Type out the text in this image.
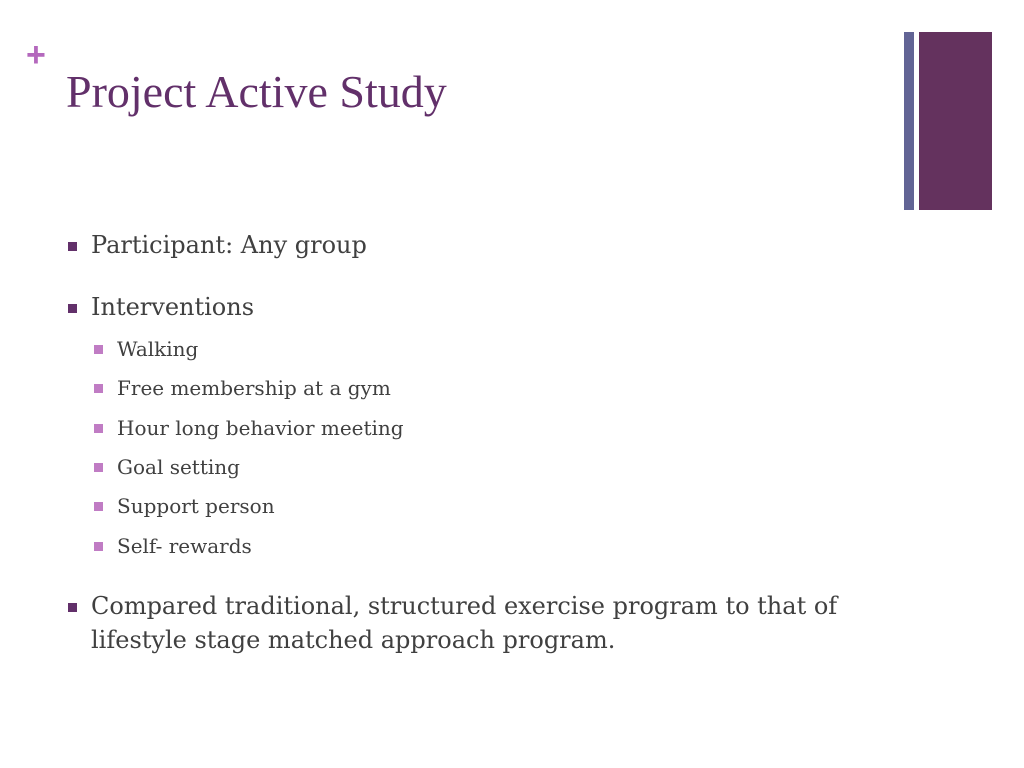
+
Project Active Study
Participant: Any group
Interventions
Walking
Free membership at a gym
Hour long behavior meeting
Goal setting
Support person
Self- rewards
Compared traditional, structured exercise program to that of lifestyle stage matched approach program.
